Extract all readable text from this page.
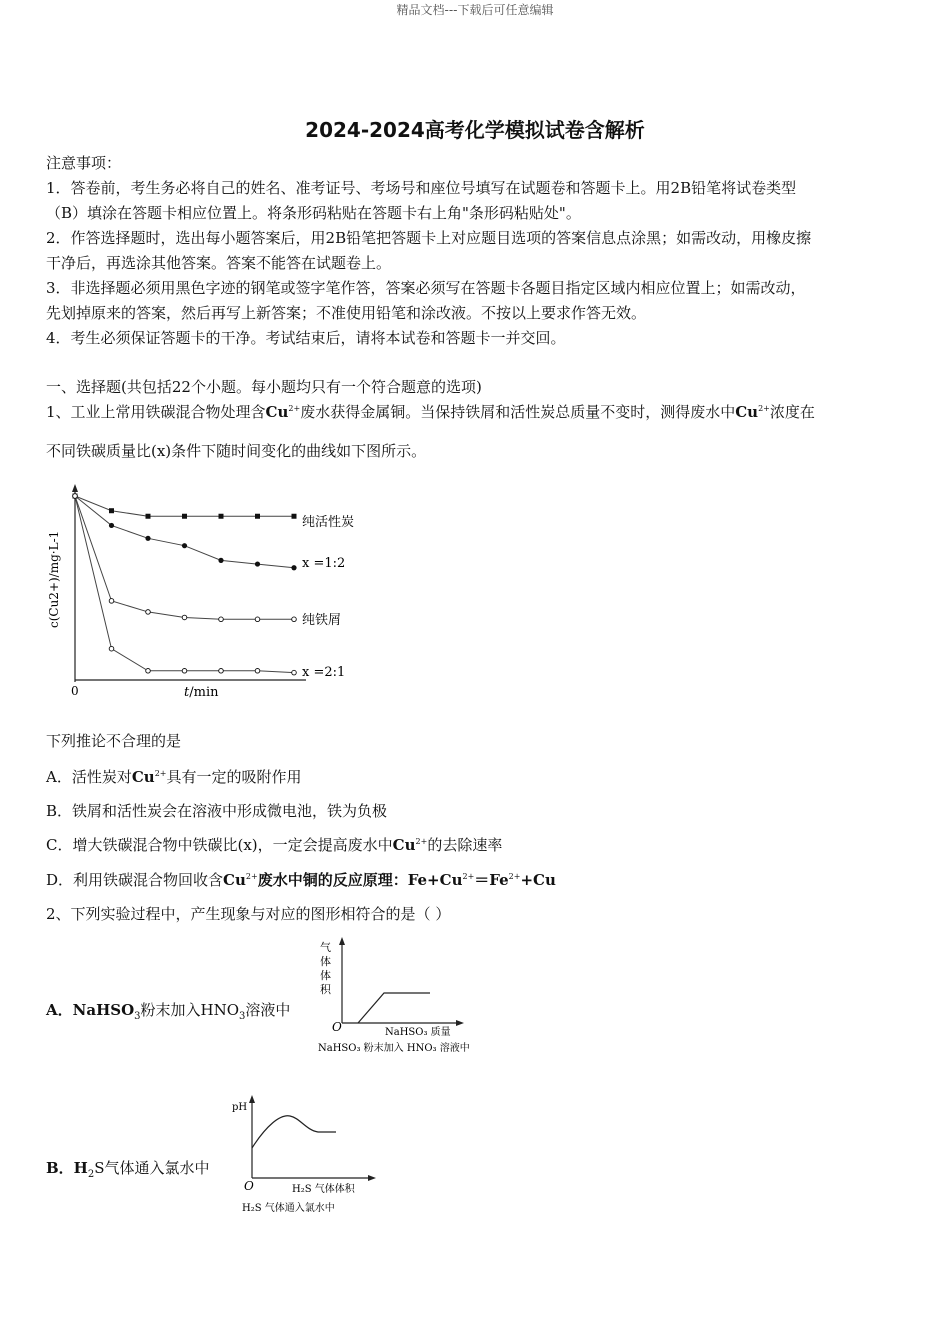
精品文档---下载后可任意编辑
2024-2024高考化学模拟试卷含解析
注意事项：
1．答卷前，考生务必将自己的姓名、准考证号、考场号和座位号填写在试题卷和答题卡上。用2B铅笔将试卷类型
（B）填涂在答题卡相应位置上。将条形码粘贴在答题卡右上角"条形码粘贴处"。
2．作答选择题时，选出每小题答案后，用2B铅笔把答题卡上对应题目选项的答案信息点涂黑；如需改动，用橡皮擦
干净后，再选涂其他答案。答案不能答在试题卷上。
3．非选择题必须用黑色字迹的钢笔或签字笔作答，答案必须写在答题卡各题目指定区域内相应位置上；如需改动，
先划掉原来的答案，然后再写上新答案；不准使用铅笔和涂改液。不按以上要求作答无效。
4．考生必须保证答题卡的干净。考试结束后，请将本试卷和答题卡一并交回。
一、选择题(共包括22个小题。每小题均只有一个符合题意的选项)
1、工业上常用铁碳混合物处理含$Cu^{2+}$废水获得金属铜。当保持铁屑和活性炭总质量不变时，测得废水中$Cu^{2+}$浓度在
不同铁碳质量比(x)条件下随时间变化的曲线如下图所示。
0	t/min
c(Cu2+)/mg·L-1
纯活性炭
x =1:2
纯铁屑
x =2:1
下列推论不合理的是
A．活性炭对$Cu^{2+}$具有一定的吸附作用
B．铁屑和活性炭会在溶液中形成微电池，铁为负极
C．增大铁碳混合物中铁碳比(x)，一定会提高废水中$Cu^{2+}$的去除速率
D．利用铁碳混合物回收含$Cu^{2+}$废水中铜的反应原理：$Fe+Cu^{2+}=Fe^{2+}+Cu$
2、下列实验过程中，产生现象与对应的图形相符合的是（ ）
A．NaHSO$_3$粉末加入$HNO_3$溶液中
气
体
体
积
O	NaHSO₃ 质量
NaHSO₃ 粉末加入 HNO₃ 溶液中
B．$H_2S$气体通入氯水中
pH
O	H₂S 气体体积
H₂S 气体通入氯水中
